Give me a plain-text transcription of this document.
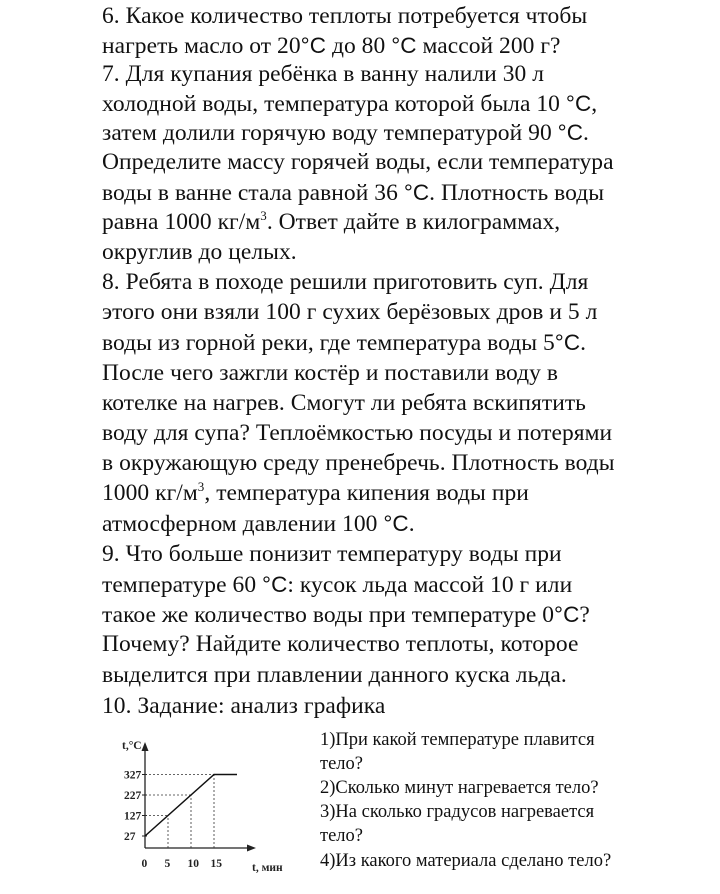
6. Какое количество теплоты потребуется чтобы
нагреть масло от 20°С до 80 °С массой 200 г?
7. Для купания ребёнка в ванну налили 30 л
холодной воды, температура которой была 10 °С,
затем долили горячую воду температурой 90 °С.
Определите массу горячей воды, если температура
воды в ванне стала равной 36 °С. Плотность воды
равна 1000 $кг/м^3$. Ответ дайте в килограммах,
округлив до целых.
8. Ребята в походе решили приготовить суп. Для
этого они взяли 100 г сухих берёзовых дров и 5 л
воды из горной реки, где температура воды 5°С.
После чего зажгли костёр и поставили воду в
котелке на нагрев. Смогут ли ребята вскипятить
воду для супа? Теплоёмкостью посуды и потерями
в окружающую среду пренебречь. Плотность воды
1000 $кг/м^3$, температура кипения воды при
атмосферном давлении 100 °С.
9. Что больше понизит температуру воды при
температуре 60 °С: кусок льда массой 10 г или
такое же количество воды при температуре 0°С?
Почему? Найдите количество теплоты, которое
выделится при плавлении данного куска льда.
10. Задание: анализ графика
1)При какой температуре плавится
тело?
2)Сколько минут нагревается тело?
3)На сколько градусов нагревается
тело?
4)Из какого материала сделано тело?
t,°C
t, мин
27
127
227
327
0 5 10 15
